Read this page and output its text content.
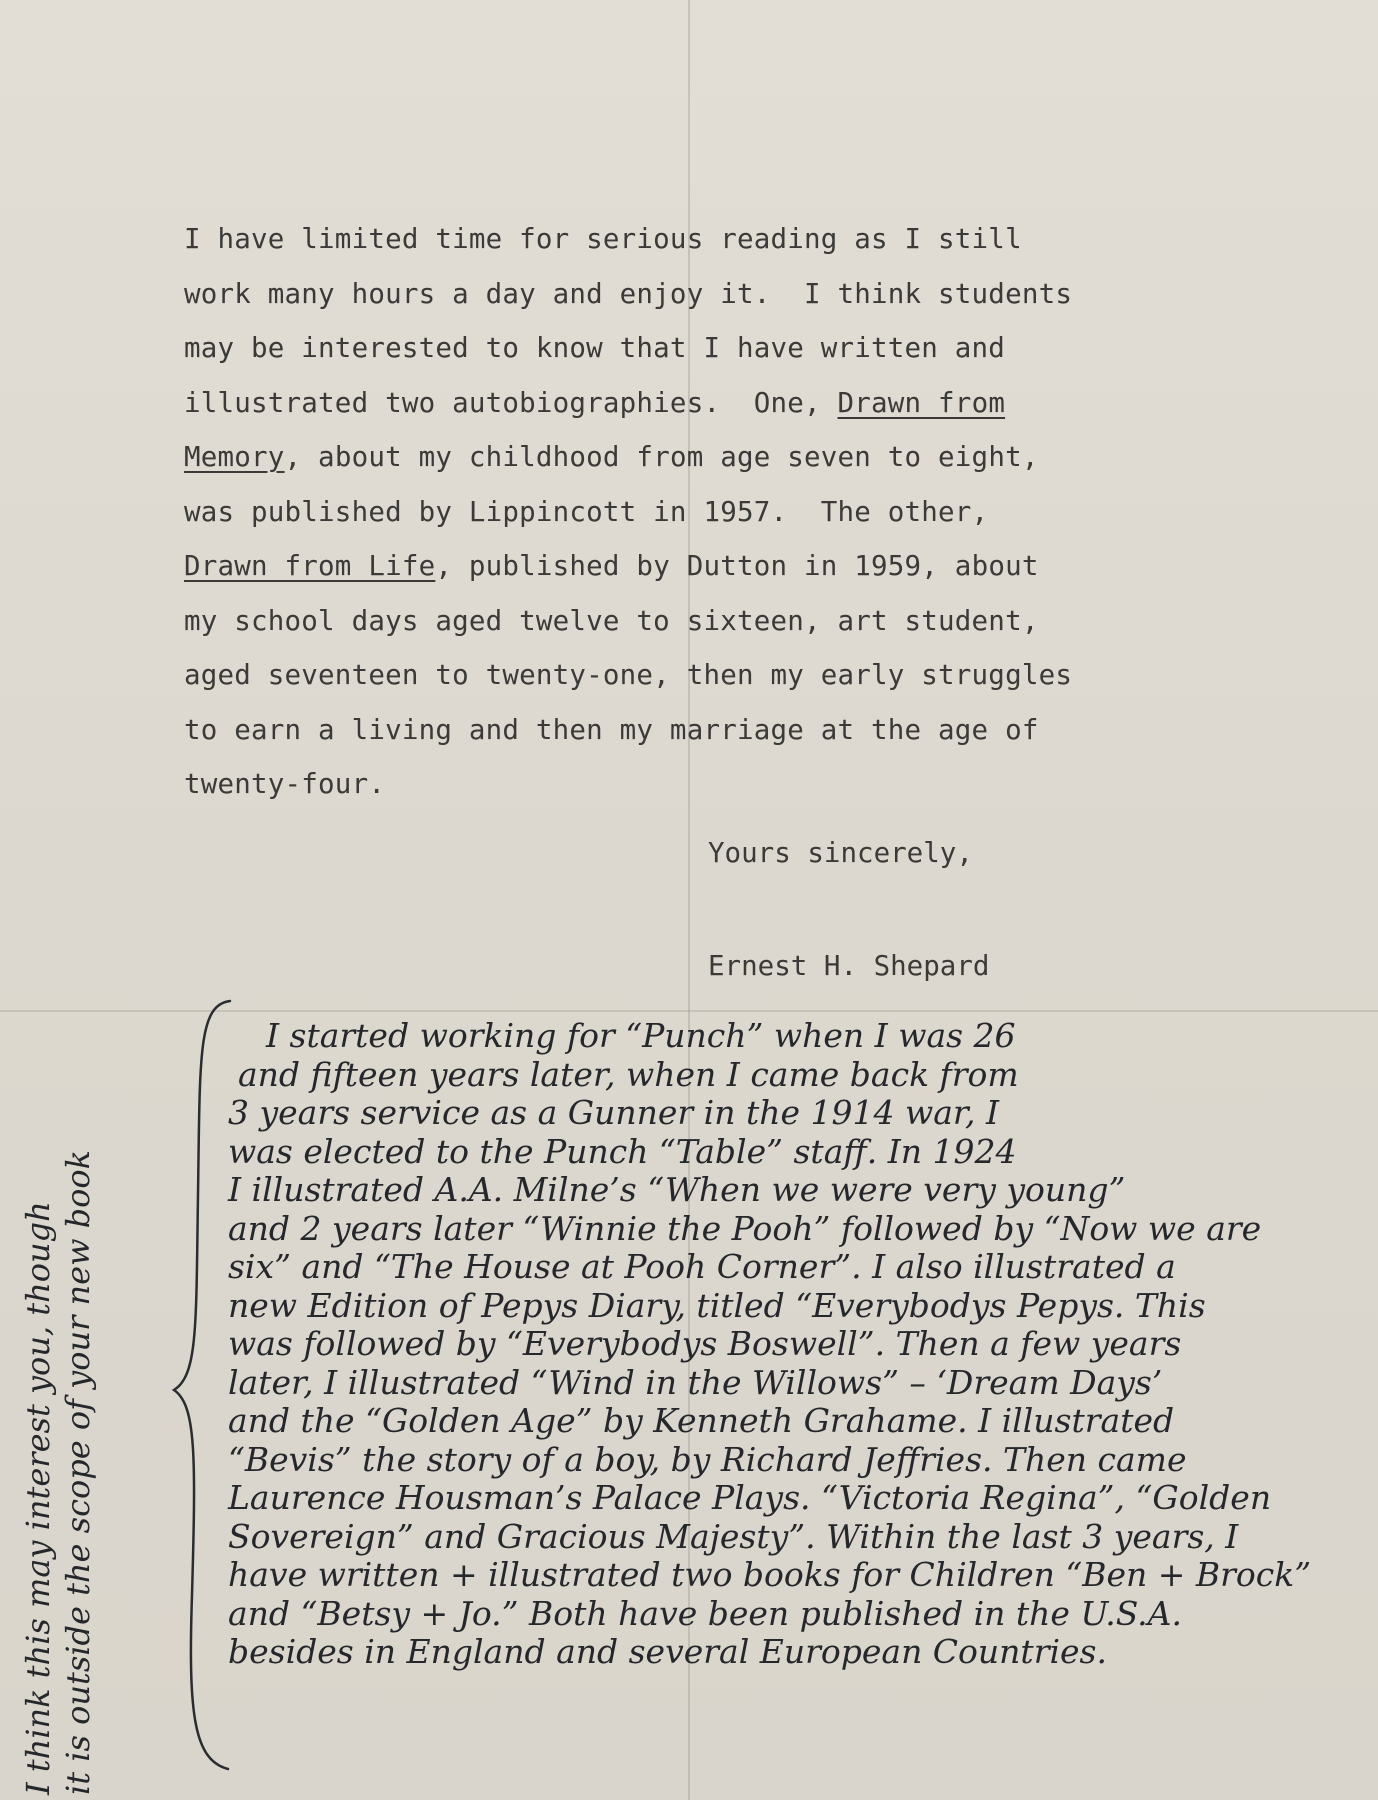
I have limited time for serious reading as I still
work many hours a day and enjoy it.  I think students
may be interested to know that I have written and
illustrated two autobiographies.  One, Drawn from
Memory, about my childhood from age seven to eight,
was published by Lippincott in 1957.  The other,
Drawn from Life, published by Dutton in 1959, about
my school days aged twelve to sixteen, art student,
aged seventeen to twenty-one, then my early struggles
to earn a living and then my marriage at the age of
twenty-four.
Yours sincerely,
Ernest H. Shepard
I started working for “Punch” when I was 26
and fifteen years later, when I came back from
3 years service as a Gunner in the 1914 war, I
was elected to the Punch “Table” staff. In 1924
I illustrated A.A. Milne’s “When we were very young”
and 2 years later “Winnie the Pooh” followed by “Now we are
six” and “The House at Pooh Corner”. I also illustrated a
new Edition of Pepys Diary, titled “Everybodys Pepys. This
was followed by “Everybodys Boswell”. Then a few years
later, I illustrated “Wind in the Willows” – ‘Dream Days’
and the “Golden Age” by Kenneth Grahame. I illustrated
“Bevis” the story of a boy, by Richard Jeffries. Then came
Laurence Housman’s Palace Plays. “Victoria Regina”, “Golden
Sovereign” and Gracious Majesty”. Within the last 3 years, I
have written + illustrated two books for Children “Ben + Brock”
and “Betsy + Jo.” Both have been published in the U.S.A.
besides in England and several European Countries.
I think this may interest you, though it is outside the scope of your new book
